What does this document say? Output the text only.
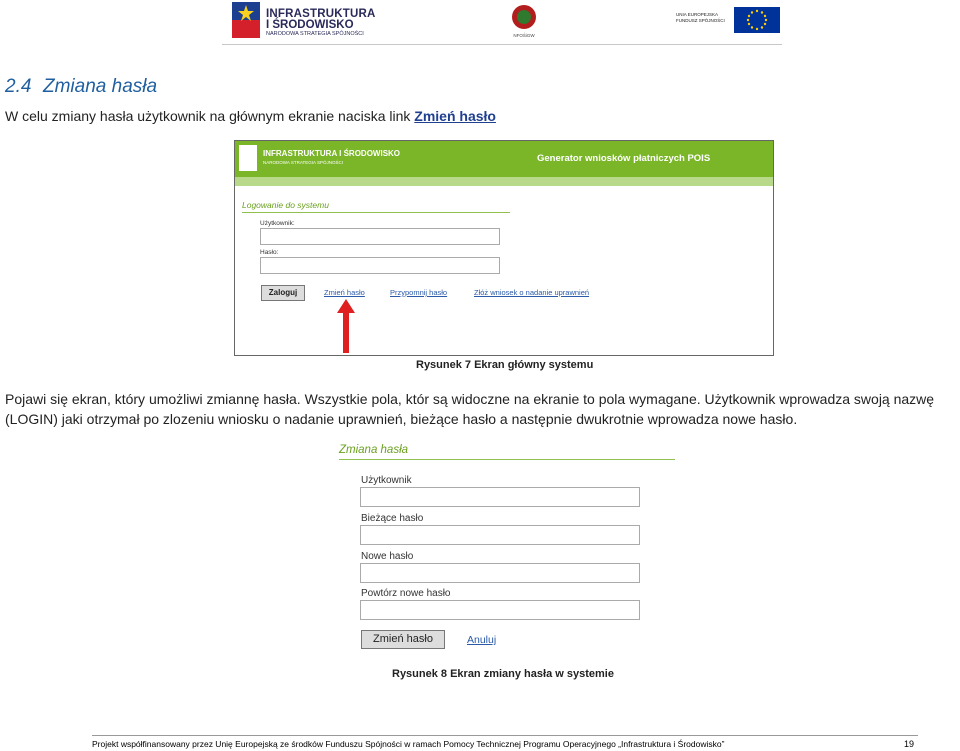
INFRASTRUKTURA
I ŚRODOWISKO
NARODOWA STRATEGIA SPÓJNOŚCI	NFOŚiGW
UNIA EUROPEJSKA FUNDUSZ SPÓJNOŚCI
2.4 Zmiana hasła
W celu zmiany hasła użytkownik na głównym ekranie naciska link Zmień hasło
INFRASTRUKTURA I ŚRODOWISKO
NARODOWA STRATEGIA SPÓJNOŚCI	Generator wniosków płatniczych POIS
Logowanie do systemu
Użytkownik:
Hasło:
Zaloguj	Zmień hasło	Przypomnij hasło	Złóż wniosek o nadanie uprawnień
Rysunek 7 Ekran główny systemu
Pojawi się ekran, który umożliwi zmiannę hasła. Wszystkie pola, któr są widoczne na ekranie to pola wymagane. Użytkownik wprowadza swoją nazwę
(LOGIN) jaki otrzymał po zlozeniu wniosku o nadanie uprawnień, bieżące hasło a następnie dwukrotnie wprowadza nowe hasło.
Zmiana hasła
Użytkownik
Bieżące hasło
Nowe hasło
Powtórz nowe hasło
Zmień hasło	Anuluj
Rysunek 8 Ekran zmiany hasła w systemie
Projekt współfinansowany przez Unię Europejską ze środków Funduszu Spójności w ramach Pomocy Technicznej Programu Operacyjnego „Infrastruktura i Środowisko”	19
